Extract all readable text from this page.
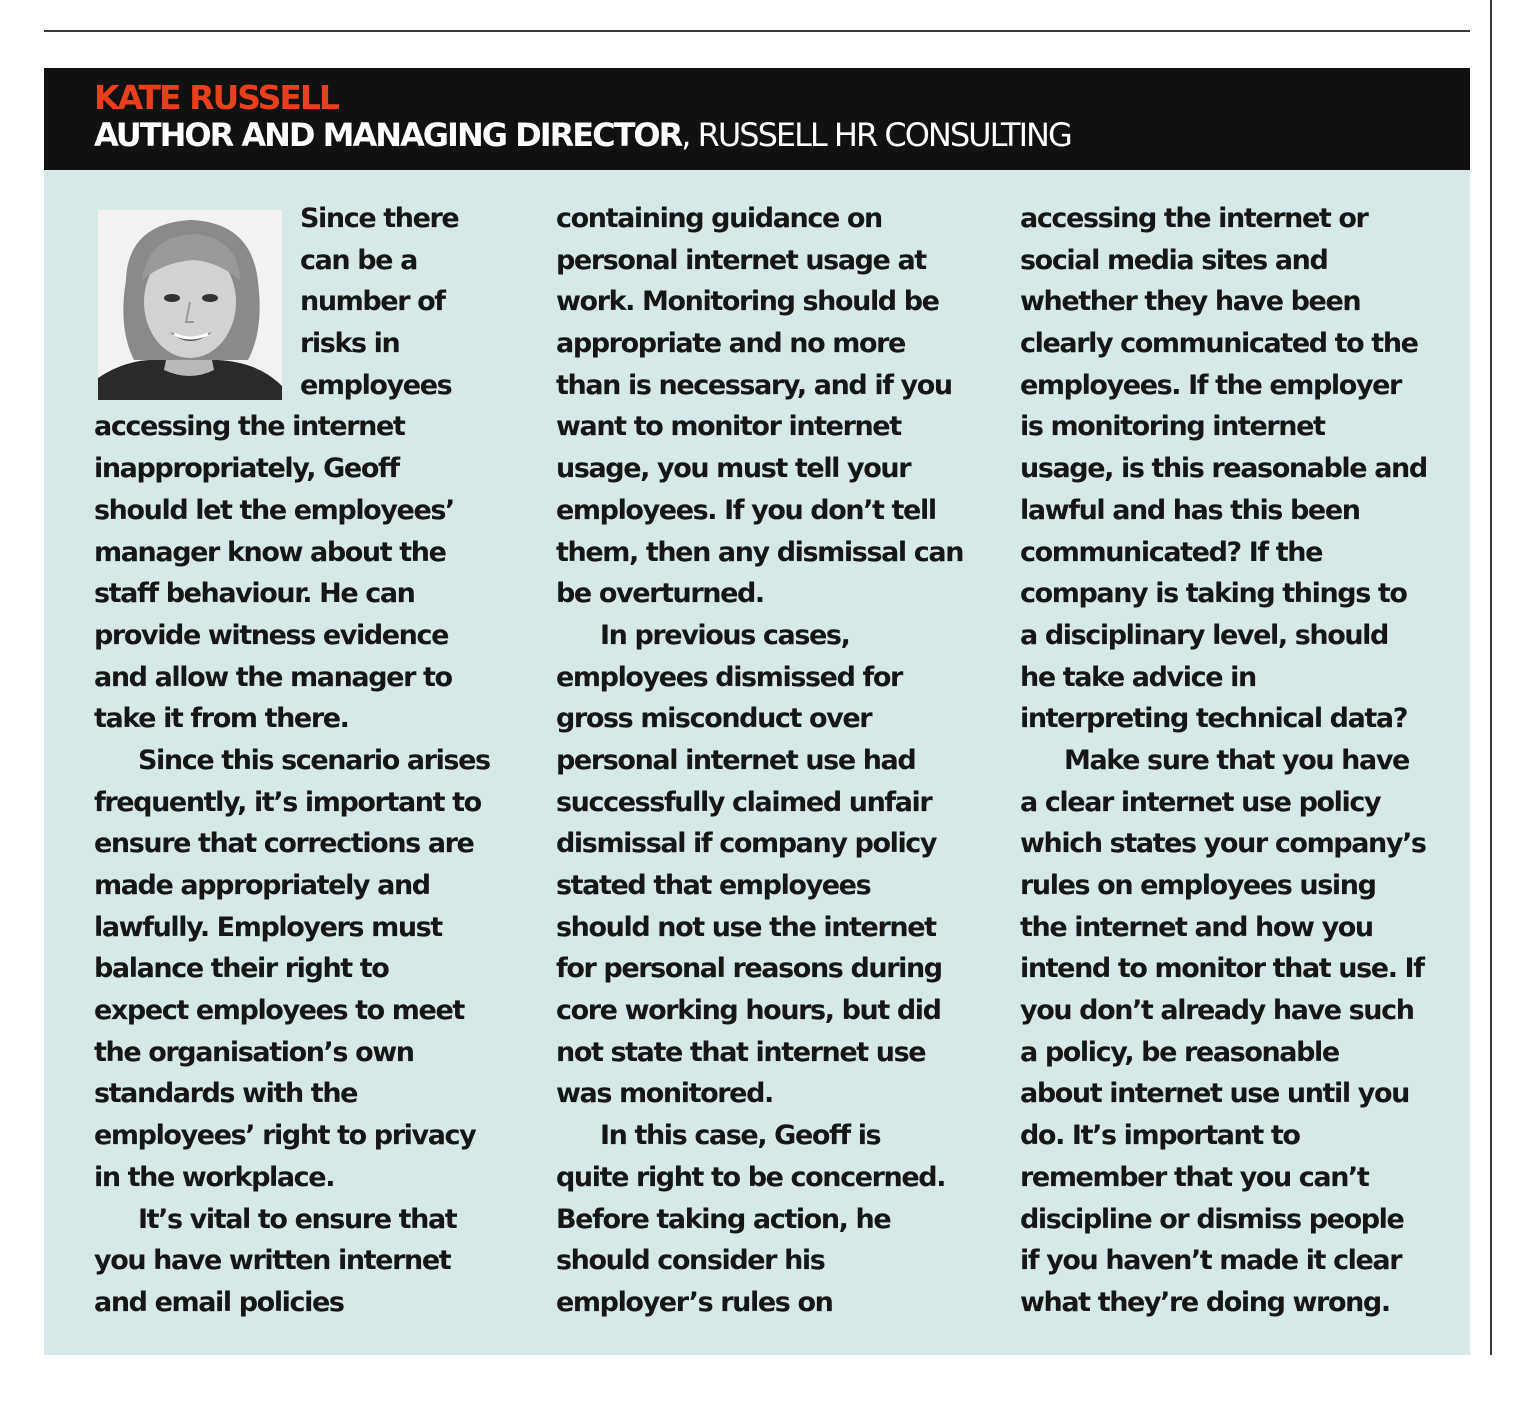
KATE RUSSELL
AUTHOR AND MANAGING DIRECTOR, RUSSELL HR CONSULTING
Since there
can be a
number of
risks in
employees
accessing the internet
inappropriately, Geoff
should let the employees’
manager know about the
staff behaviour. He can
provide witness evidence
and allow the manager to
take it from there.
Since this scenario arises
frequently, it’s important to
ensure that corrections are
made appropriately and
lawfully. Employers must
balance their right to
expect employees to meet
the organisation’s own
standards with the
employees’ right to privacy
in the workplace.
It’s vital to ensure that
you have written internet
and email policies
containing guidance on
personal internet usage at
work. Monitoring should be
appropriate and no more
than is necessary, and if you
want to monitor internet
usage, you must tell your
employees. If you don’t tell
them, then any dismissal can
be overturned.
In previous cases,
employees dismissed for
gross misconduct over
personal internet use had
successfully claimed unfair
dismissal if company policy
stated that employees
should not use the internet
for personal reasons during
core working hours, but did
not state that internet use
was monitored.
In this case, Geoff is
quite right to be concerned.
Before taking action, he
should consider his
employer’s rules on
accessing the internet or
social media sites and
whether they have been
clearly communicated to the
employees. If the employer
is monitoring internet
usage, is this reasonable and
lawful and has this been
communicated? If the
company is taking things to
a disciplinary level, should
he take advice in
interpreting technical data?
Make sure that you have
a clear internet use policy
which states your company’s
rules on employees using
the internet and how you
intend to monitor that use. If
you don’t already have such
a policy, be reasonable
about internet use until you
do. It’s important to
remember that you can’t
discipline or dismiss people
if you haven’t made it clear
what they’re doing wrong.
